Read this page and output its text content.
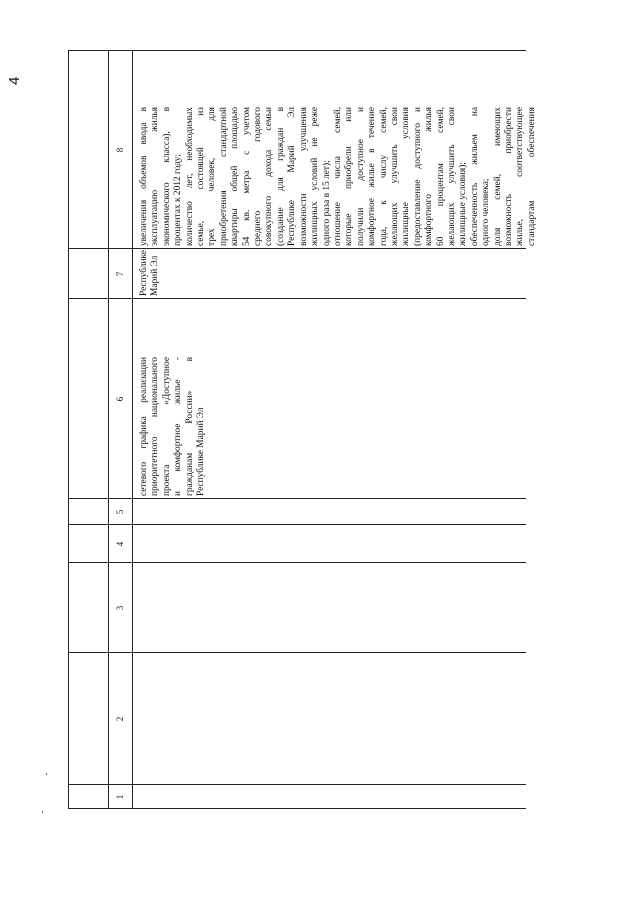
4
1
2
3
4
5
6
7
8
сетевого графика реализации приоритетного национального проекта «Доступное и комфортное жилье - гражданам России» в Республике Марий Эл
Республике Марий Эл
увеличения объемов ввода в эксплуатацию жилья экономического класса), в процентах к 2012 году; количество лет, необходимых семье, состоящей из трех человек, для приобретения стандартной квартиры общей площадью 54 кв. метра с учетом среднего годового совокупного дохода семьи (создание для граждан в Республике Марий Эл возможности улучшения жилищных условий не реже одного раза в 15 лет); отношение числа семей, которые приобрели или получили доступное и комфортное жилье в течение года, к числу семей, желающих улучшить свои жилищные условия (предоставление доступного и комфортного жилья 60 процентам семей, желающих улучшить свои жилищные условия); обеспеченность жильем на одного человека; доля семей, имеющих возможность приобрести жилье, соответствующее стандартам обеспечения
